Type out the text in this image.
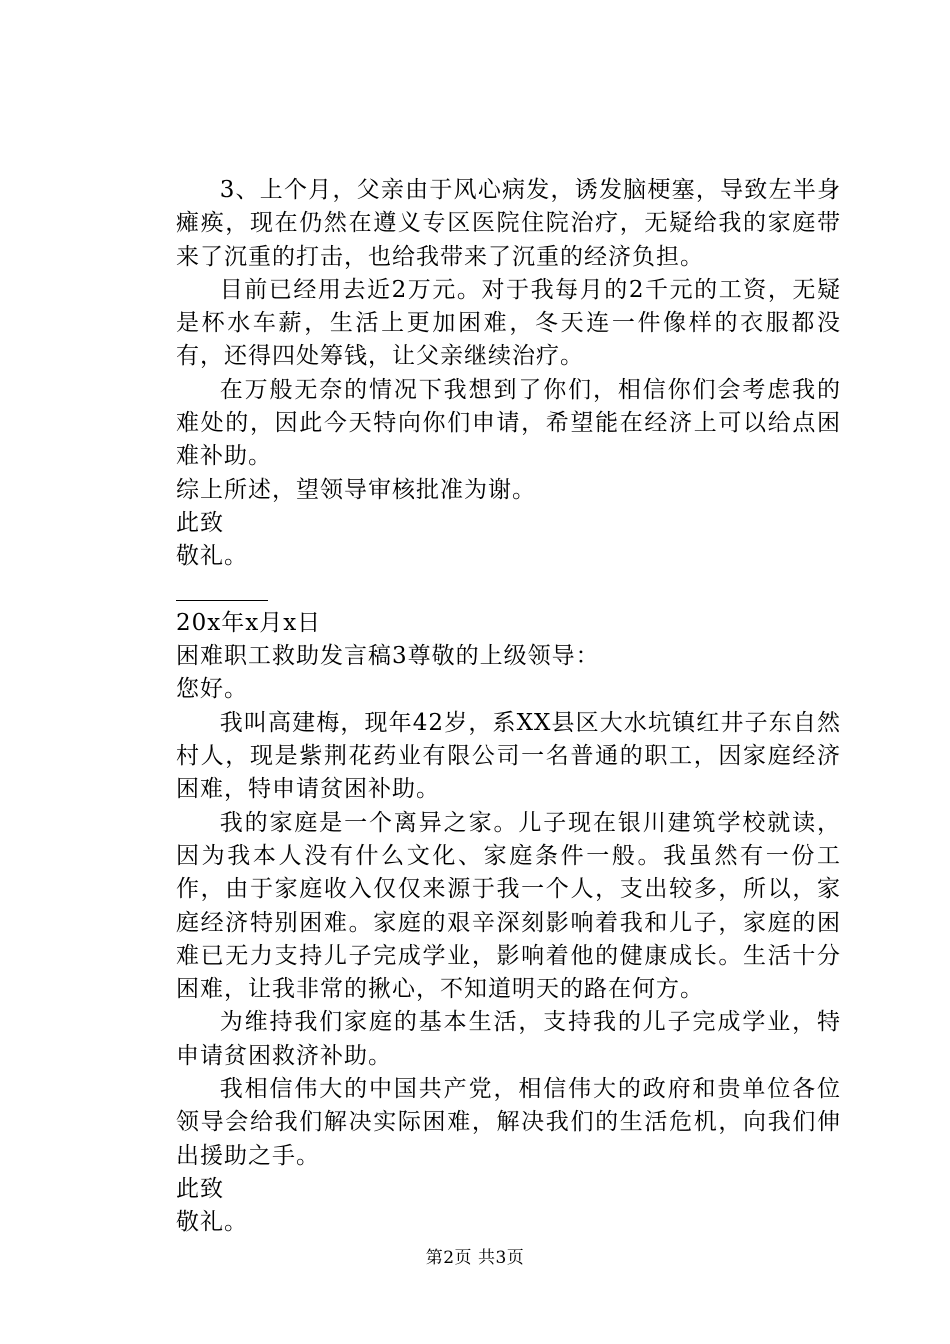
3、上个月，父亲由于风心病发，诱发脑梗塞，导致左半身瘫痪，现在仍然在遵义专区医院住院治疗，无疑给我的家庭带来了沉重的打击，也给我带来了沉重的经济负担。

目前已经用去近2万元。对于我每月的2千元的工资，无疑是杯水车薪，生活上更加困难，冬天连一件像样的衣服都没有，还得四处筹钱，让父亲继续治疗。

在万般无奈的情况下我想到了你们，相信你们会考虑我的难处的，因此今天特向你们申请，希望能在经济上可以给点困难补助。

综上所述，望领导审核批准为谢。

此致

敬礼。

20x年x月x日

困难职工救助发言稿3尊敬的上级领导：

您好。

我叫高建梅，现年42岁，系XX县区大水坑镇红井子东自然村人，现是紫荆花药业有限公司一名普通的职工，因家庭经济困难，特申请贫困补助。

我的家庭是一个离异之家。儿子现在银川建筑学校就读，因为我本人没有什么文化、家庭条件一般。我虽然有一份工作，由于家庭收入仅仅来源于我一个人，支出较多，所以，家庭经济特别困难。家庭的艰辛深刻影响着我和儿子，家庭的困难已无力支持儿子完成学业，影响着他的健康成长。生活十分困难，让我非常的揪心，不知道明天的路在何方。

为维持我们家庭的基本生活，支持我的儿子完成学业，特申请贫困救济补助。

我相信伟大的中国共产党，相信伟大的政府和贵单位各位领导会给我们解决实际困难，解决我们的生活危机，向我们伸出援助之手。

此致

敬礼。

第2页 共3页
